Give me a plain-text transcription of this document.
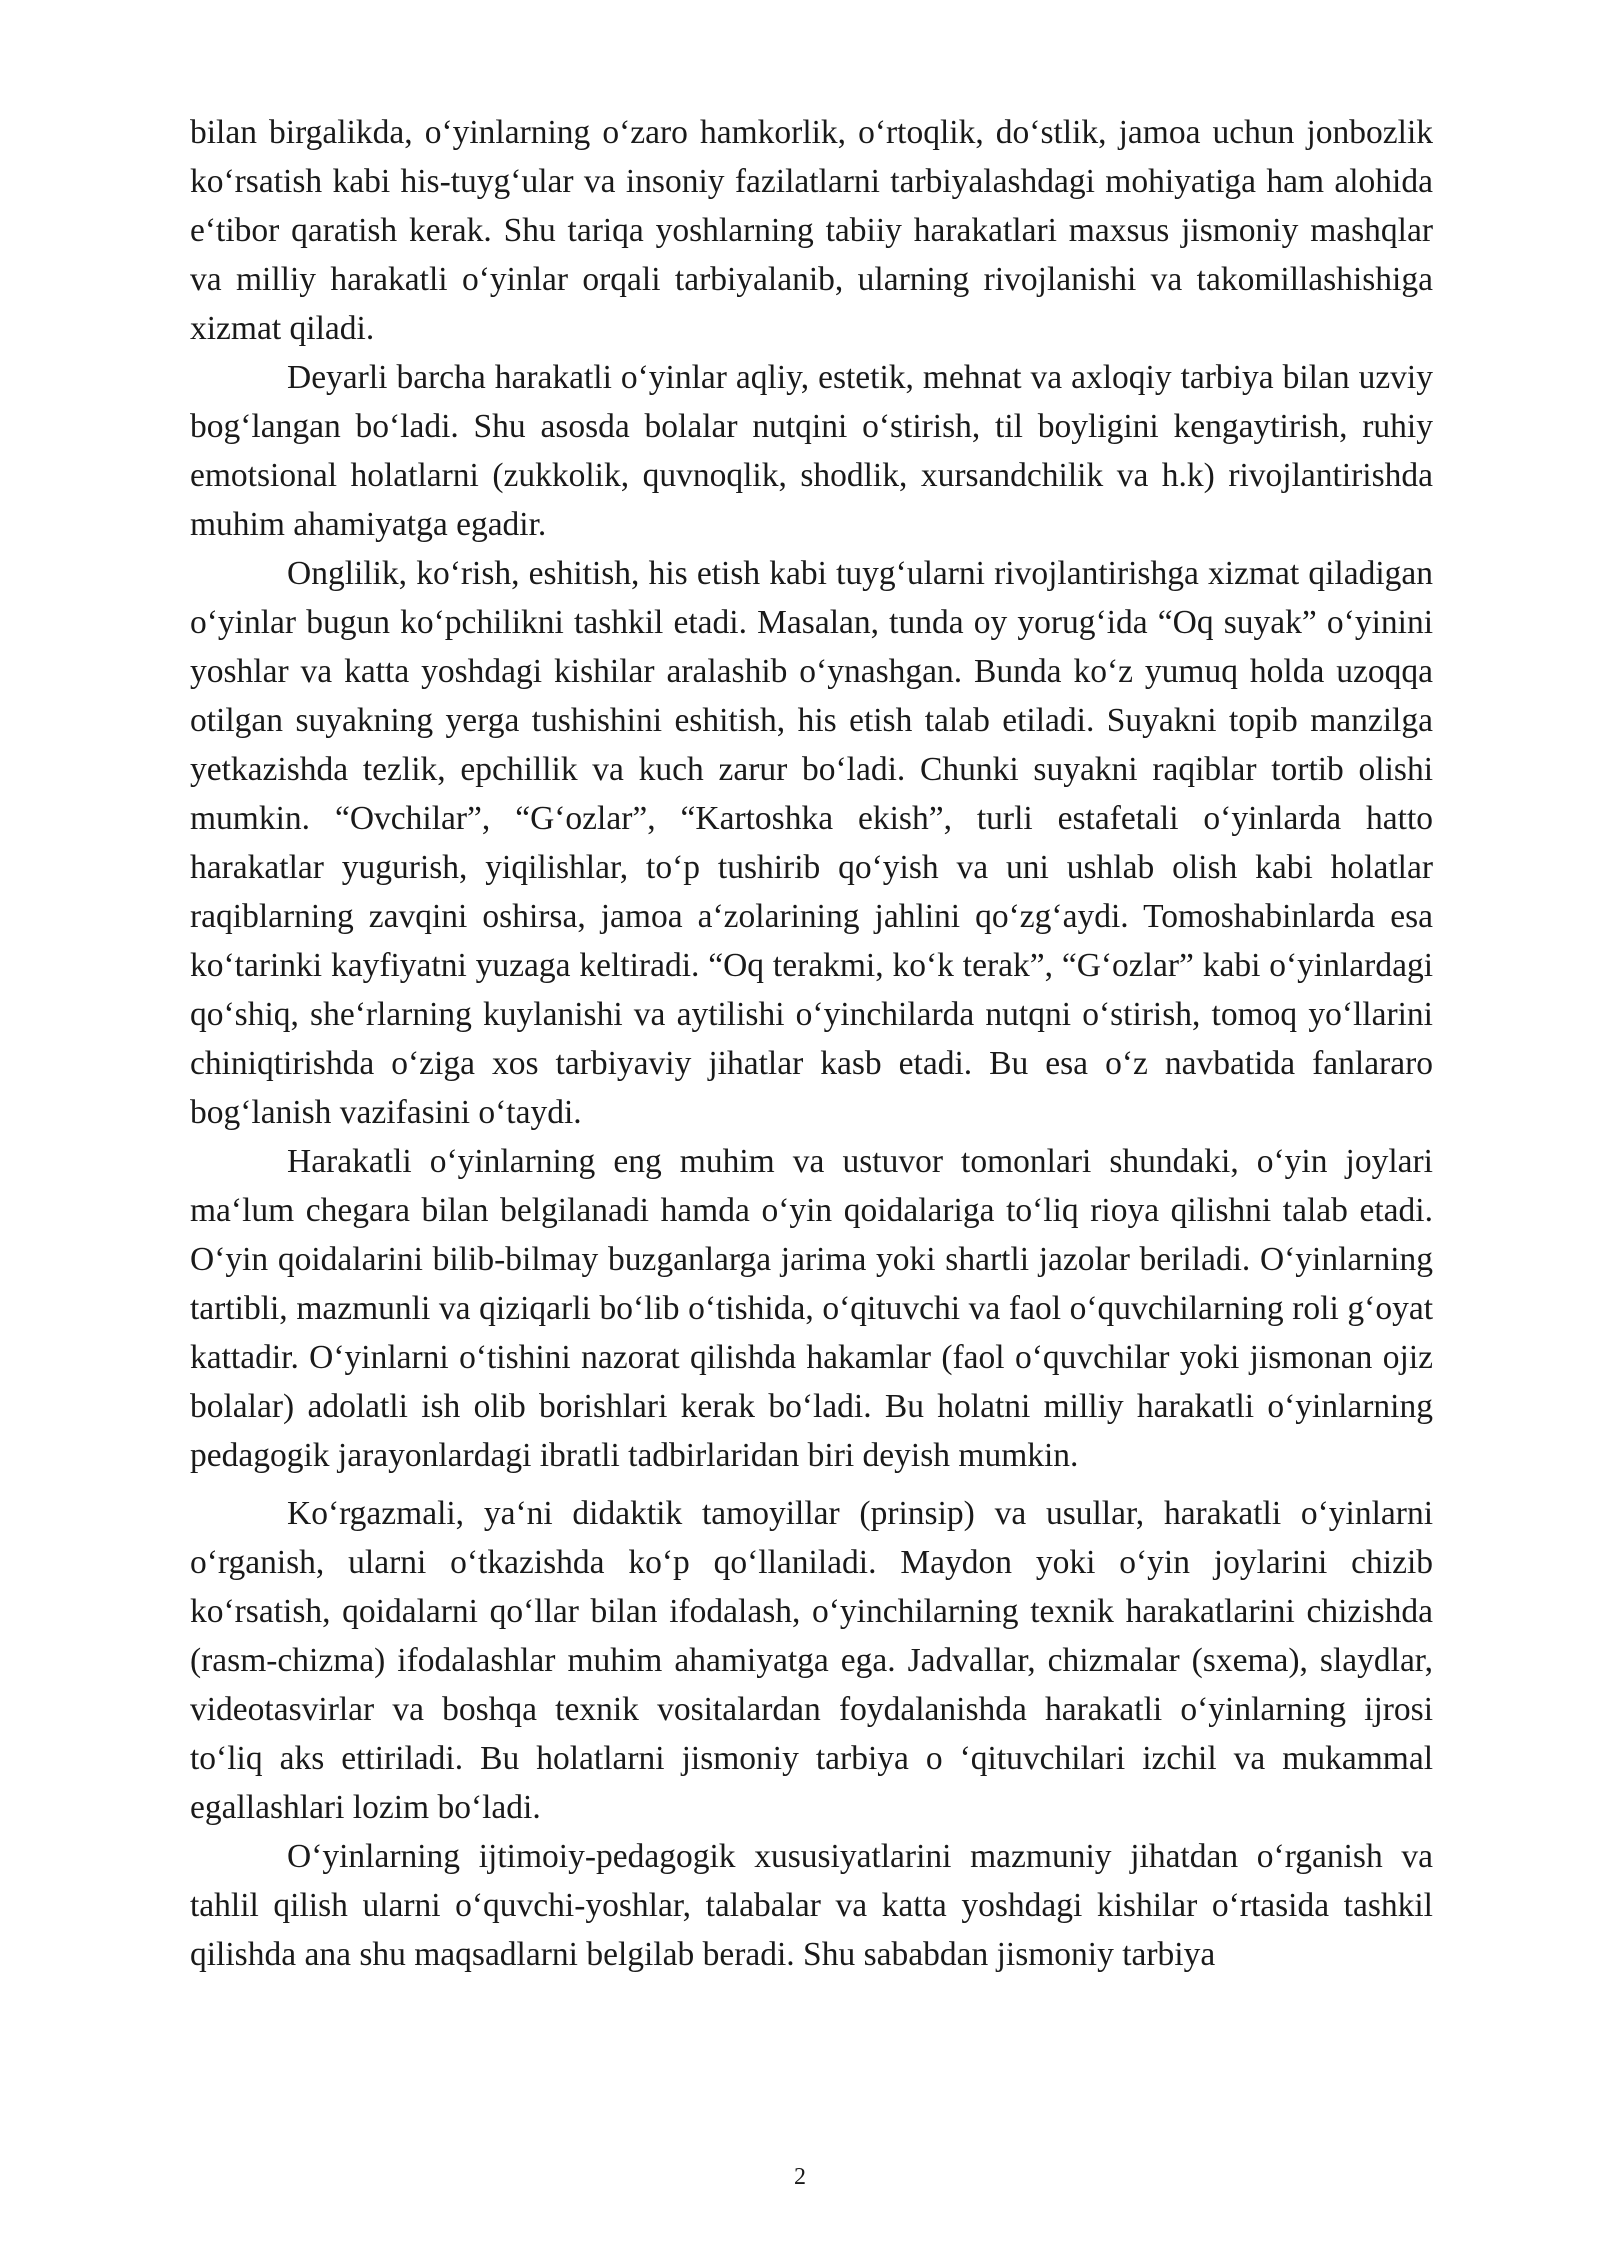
bilan birgalikda, o‘yinlarning o‘zaro hamkorlik, o‘rtoqlik, do‘stlik, jamoa uchun jonbozlik ko‘rsatish kabi his-tuyg‘ular va insoniy fazilatlarni tarbiyalashdagi mohiyatiga ham alohida e‘tibor qaratish kerak. Shu tariqa yoshlarning tabiiy harakatlari maxsus jismoniy mashqlar va milliy harakatli o‘yinlar orqali tarbiyalanib, ularning rivojlanishi va takomillashishiga xizmat qiladi.

Deyarli barcha harakatli o‘yinlar aqliy, estetik, mehnat va axloqiy tarbiya bilan uzviy bog‘langan bo‘ladi. Shu asosda bolalar nutqini o‘stirish, til boyligini kengaytirish, ruhiy emotsional holatlarni (zukkolik, quvnoqlik, shodlik, xursandchilik va h.k) rivojlantirishda muhim ahamiyatga egadir.

Onglilik, ko‘rish, eshitish, his etish kabi tuyg‘ularni rivojlantirishga xizmat qiladigan o‘yinlar bugun ko‘pchilikni tashkil etadi. Masalan, tunda oy yorug‘ida “Oq suyak” o‘yinini yoshlar va katta yoshdagi kishilar aralashib o‘ynashgan. Bunda ko‘z yumuq holda uzoqqa otilgan suyakning yerga tushishini eshitish, his etish talab etiladi. Suyakni topib manzilga yetkazishda tezlik, epchillik va kuch zarur bo‘ladi. Chunki suyakni raqiblar tortib olishi mumkin. “Ovchilar”, “G‘ozlar”, “Kartoshka ekish”, turli estafetali o‘yinlarda hatto harakatlar yugurish, yiqilishlar, to‘p tushirib qo‘yish va uni ushlab olish kabi holatlar raqiblarning zavqini oshirsa, jamoa a‘zolarining jahlini qo‘zg‘aydi. Tomoshabinlarda esa ko‘tarinki kayfiyatni yuzaga keltiradi. “Oq terakmi, ko‘k terak”, “G‘ozlar” kabi o‘yinlardagi qo‘shiq, she‘rlarning kuylanishi va aytilishi o‘yinchilarda nutqni o‘stirish, tomoq yo‘llarini chiniqtirishda o‘ziga xos tarbiyaviy jihatlar kasb etadi. Bu esa o‘z navbatida fanlararo bog‘lanish vazifasini o‘taydi.

Harakatli o‘yinlarning eng muhim va ustuvor tomonlari shundaki, o‘yin joylari ma‘lum chegara bilan belgilanadi hamda o‘yin qoidalariga to‘liq rioya qilishni talab etadi. O‘yin qoidalarini bilib-bilmay buzganlarga jarima yoki shartli jazolar beriladi. O‘yinlarning tartibli, mazmunli va qiziqarli bo‘lib o‘tishida, o‘qituvchi va faol o‘quvchilarning roli g‘oyat kattadir. O‘yinlarni o‘tishini nazorat qilishda hakamlar (faol o‘quvchilar yoki jismonan ojiz bolalar) adolatli ish olib borishlari kerak bo‘ladi. Bu holatni milliy harakatli o‘yinlarning pedagogik jarayonlardagi ibratli tadbirlaridan biri deyish mumkin.

Ko‘rgazmali, ya‘ni didaktik tamoyillar (prinsip) va usullar, harakatli o‘yinlarni o‘rganish, ularni o‘tkazishda ko‘p qo‘llaniladi. Maydon yoki o‘yin joylarini chizib ko‘rsatish, qoidalarni qo‘llar bilan ifodalash, o‘yinchilarning texnik harakatlarini chizishda (rasm-chizma) ifodalashlar muhim ahamiyatga ega. Jadvallar, chizmalar (sxema), slaydlar, videotasvirlar va boshqa texnik vositalardan foydalanishda harakatli o‘yinlarning ijrosi to‘liq aks ettiriladi. Bu holatlarni jismoniy tarbiya o ‘qituvchilari izchil va mukammal egallashlari lozim bo‘ladi.

O‘yinlarning ijtimoiy-pedagogik xususiyatlarini mazmuniy jihatdan o‘rganish va tahlil qilish ularni o‘quvchi-yoshlar, talabalar va katta yoshdagi kishilar o‘rtasida tashkil qilishda ana shu maqsadlarni belgilab beradi. Shu sababdan jismoniy tarbiya

2
